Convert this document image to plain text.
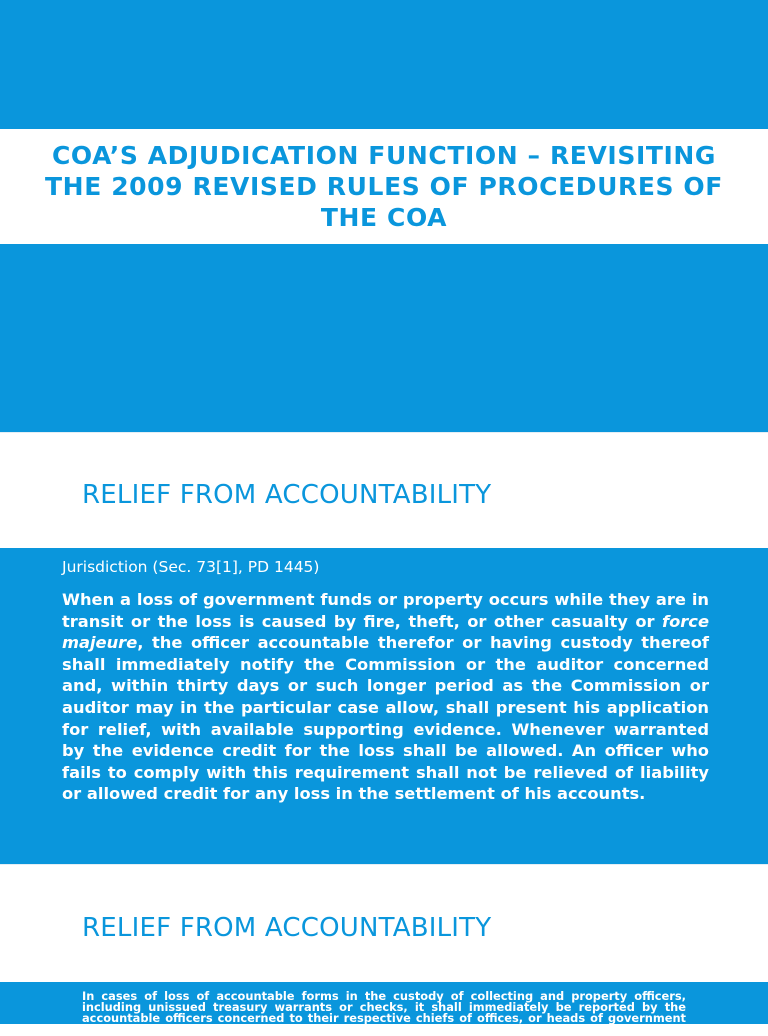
COA’S ADJUDICATION FUNCTION – REVISITING THE 2009 REVISED RULES OF PROCEDURES OF THE COA
RELIEF FROM ACCOUNTABILITY
Jurisdiction (Sec. 73[1], PD 1445)
When a loss of government funds or property occurs while they are in transit or the loss is caused by fire, theft, or other casualty or force majeure, the officer accountable therefor or having custody thereof shall immediately notify the Commission or the auditor concerned and, within thirty days or such longer period as the Commission or auditor may in the particular case allow, shall present his application for relief, with available supporting evidence. Whenever warranted by the evidence credit for the loss shall be allowed. An officer who fails to comply with this requirement shall not be relieved of liability or allowed credit for any loss in the settlement of his accounts.
RELIEF FROM ACCOUNTABILITY
In cases of loss of accountable forms in the custody of collecting and property officers, including unissued treasury warrants or checks, it shall immediately be reported by the accountable officers concerned to their respective chiefs of offices, or heads of government entities who, in
